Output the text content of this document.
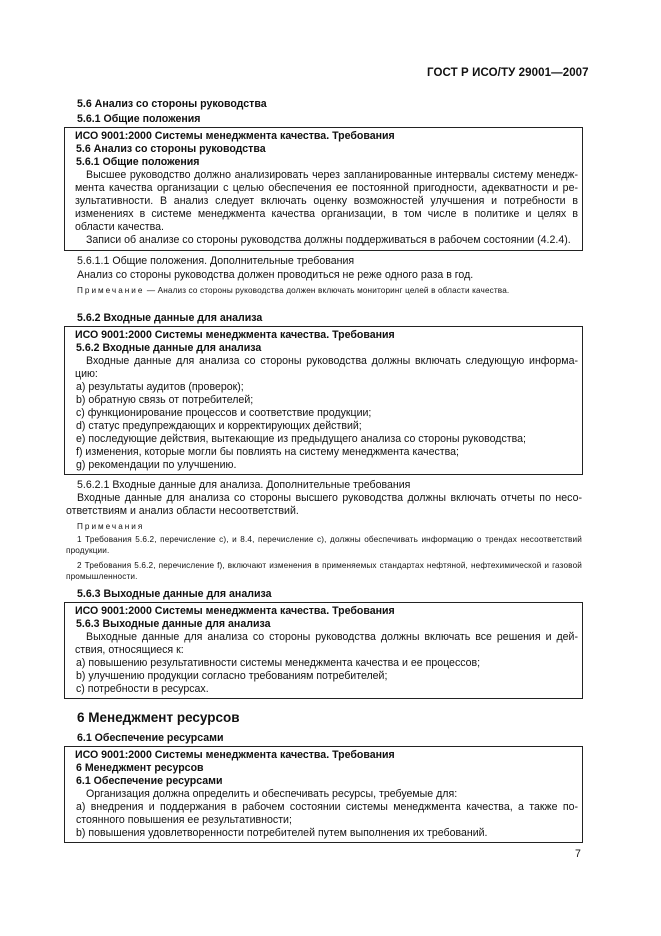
ГОСТ Р ИСО/ТУ 29001—2007
5.6 Анализ со стороны руководства
5.6.1 Общие положения

ИСО 9001:2000 Системы менеджмента качества. Требования

5.6 Анализ со стороны руководства

5.6.1 Общие положения

Высшее руководство должно анализировать через запланированные интервалы систему менеджмента качества организации с целью обеспечения ее постоянной пригодности, адекватности и результативности. В анализ следует включать оценку возможностей улучшения и потребности в изменениях в системе менеджмента качества организации, в том числе в политике и целях в области качества.

Записи об анализе со стороны руководства должны поддерживаться в рабочем состоянии (4.2.4).

5.6.1.1 Общие положения. Дополнительные требования
Анализ со стороны руководства должен проводиться не реже одного раза в год.
Примечание — Анализ со стороны руководства должен включать мониторинг целей в области качества.
5.6.2 Входные данные для анализа

ИСО 9001:2000 Системы менеджмента качества. Требования

5.6.2 Входные данные для анализа

Входные данные для анализа со стороны руководства должны включать следующую информацию:

a) результаты аудитов (проверок);

b) обратную связь от потребителей;

c) функционирование процессов и соответствие продукции;

d) статус предупреждающих и корректирующих действий;

e) последующие действия, вытекающие из предыдущего анализа со стороны руководства;

f) изменения, которые могли бы повлиять на систему менеджмента качества;

g) рекомендации по улучшению.

5.6.2.1 Входные данные для анализа. Дополнительные требования
Входные данные для анализа со стороны высшего руководства должны включать отчеты по несоответствиям и анализ области несоответствий.
Примечания
1 Требования 5.6.2, перечисление c), и 8.4, перечисление c), должны обеспечивать информацию о трендах несоответствий продукции.
2 Требования 5.6.2, перечисление f), включают изменения в применяемых стандартах нефтяной, нефтехимической и газовой промышленности.
5.6.3 Выходные данные для анализа

ИСО 9001:2000 Системы менеджмента качества. Требования

5.6.3 Выходные данные для анализа

Выходные данные для анализа со стороны руководства должны включать все решения и действия, относящиеся к:

a) повышению результативности системы менеджмента качества и ее процессов;

b) улучшению продукции согласно требованиям потребителей;

c) потребности в ресурсах.

6 Менеджмент ресурсов
6.1 Обеспечение ресурсами

ИСО 9001:2000 Системы менеджмента качества. Требования

6 Менеджмент ресурсов

6.1 Обеспечение ресурсами

Организация должна определить и обеспечивать ресурсы, требуемые для:

a) внедрения и поддержания в рабочем состоянии системы менеджмента качества, а также постоянного повышения ее результативности;

b) повышения удовлетворенности потребителей путем выполнения их требований.

7
